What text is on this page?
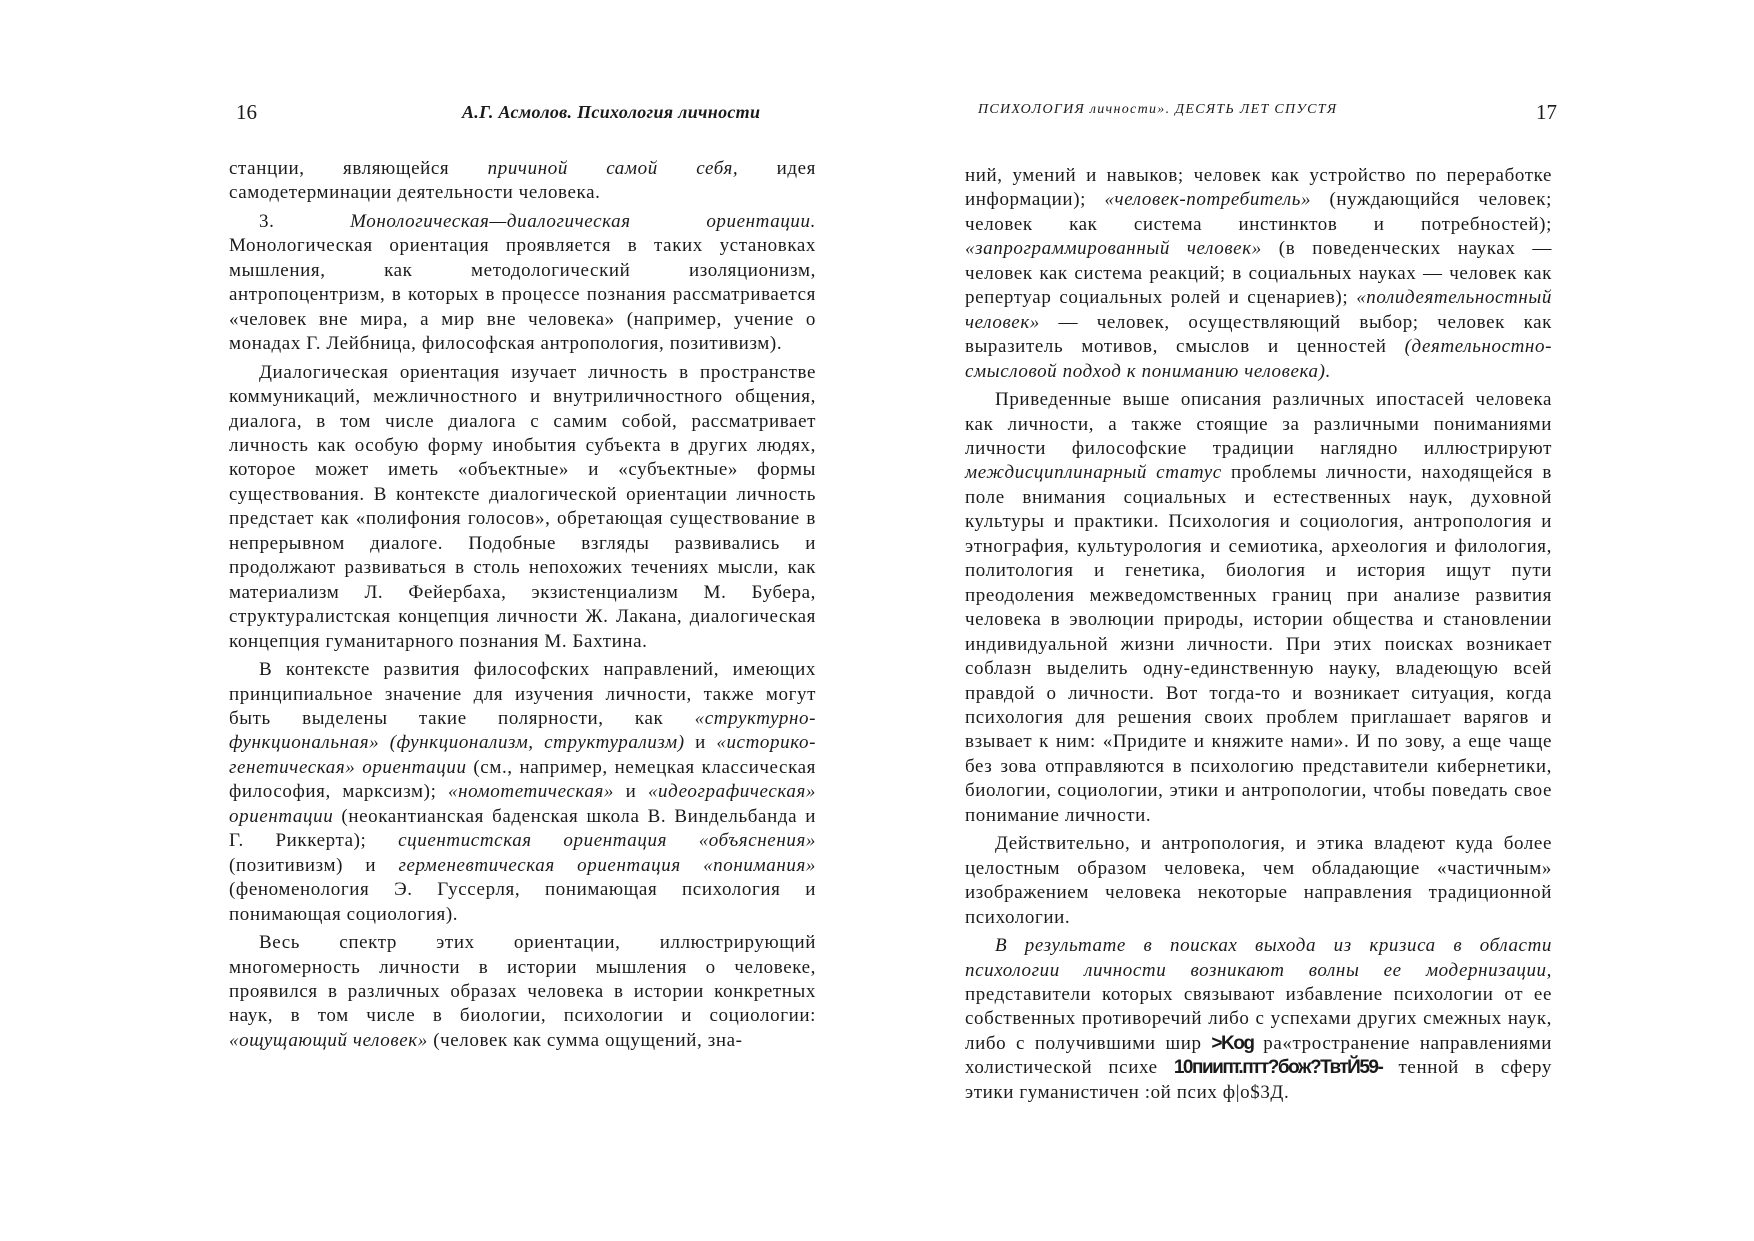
16	А.Г. Асмолов. Психология личности

станции, являющейся причиной самой себя, идея самодетерминации деятельности человека.

3. Монологическая—диалогическая ориентации. Монологическая ориентация проявляется в таких установках мышления, как методологический изоляционизм, антропоцентризм, в которых в процессе познания рассматривается «человек вне мира, а мир вне человека» (например, учение о монадах Г. Лейбница, философская антропология, позитивизм).

Диалогическая ориентация изучает личность в пространстве коммуникаций, межличностного и внутриличностного общения, диалога, в том числе диалога с самим собой, рассматривает личность как особую форму инобытия субъекта в других людях, которое может иметь «объектные» и «субъектные» формы существования. В контексте диалогической ориентации личность предстает как «полифония голосов», обретающая существование в непрерывном диалоге. Подобные взгляды развивались и продолжают развиваться в столь непохожих течениях мысли, как материализм Л. Фейербаха, экзистенциализм М. Бубера, структуралистская концепция личности Ж. Лакана, диалогическая концепция гуманитарного познания М. Бахтина.

В контексте развития философских направлений, имеющих принципиальное значение для изучения личности, также могут быть выделены такие полярности, как «структурно-функциональная» (функционализм, структурализм) и «историко-генетическая» ориентации (см., например, немецкая классическая философия, марксизм); «номотетическая» и «идеографическая» ориентации (неокантианская баденская школа В. Виндельбанда и Г. Риккерта); сциентистская ориентация «объяснения» (позитивизм) и герменевтическая ориентация «понимания» (феноменология Э. Гуссерля, понимающая психология и понимающая социология).

Весь спектр этих ориентации, иллюстрирующий многомерность личности в истории мышления о человеке, проявился в различных образах человека в истории конкретных наук, в том числе в биологии, психологии и социологии: «ощущающий человек» (человек как сумма ощущений, зна-

ПСИХОЛОГИЯ личности». ДЕСЯТЬ ЛЕТ СПУСТЯ	17

ний, умений и навыков; человек как устройство по переработке информации); «человек-потребитель» (нуждающийся человек; человек как система инстинктов и потребностей); «запрограммированный человек» (в поведенческих науках — человек как система реакций; в социальных науках — человек как репертуар социальных ролей и сценариев); «полидеятельностный человек» — человек, осуществляющий выбор; человек как выразитель мотивов, смыслов и ценностей (деятельностно-смысловой подход к пониманию человека).

Приведенные выше описания различных ипостасей человека как личности, а также стоящие за различными пониманиями личности философские традиции наглядно иллюстрируют междисциплинарный статус проблемы личности, находящейся в поле внимания социальных и естественных наук, духовной культуры и практики. Психология и социология, антропология и этнография, культурология и семиотика, археология и филология, политология и генетика, биология и история ищут пути преодоления межведомственных границ при анализе развития человека в эволюции природы, истории общества и становлении индивидуальной жизни личности. При этих поисках возникает соблазн выделить одну-единственную науку, владеющую всей правдой о личности. Вот тогда-то и возникает ситуация, когда психология для решения своих проблем приглашает варягов и взывает к ним: «Придите и княжите нами». И по зову, а еще чаще без зова отправляются в психологию представители кибернетики, биологии, социологии, этики и антропологии, чтобы поведать свое понимание личности.

Действительно, и антропология, и этика владеют куда более целостным образом человека, чем обладающие «частичным» изображением человека некоторые направления традиционной психологии.

В результате в поисках выхода из кризиса в области психологии личности возникают волны ее модернизации, представители которых связывают избавление психологии от ее собственных противоречий либо с успехами других смежных наук, либо с получившими шир >Kog ра«тространение направлениями холистической психе 10пиипт.птт?бож?ТвтЙ59- тенной в сферу этики гуманистичен :ой псих ф|о$3Д.
